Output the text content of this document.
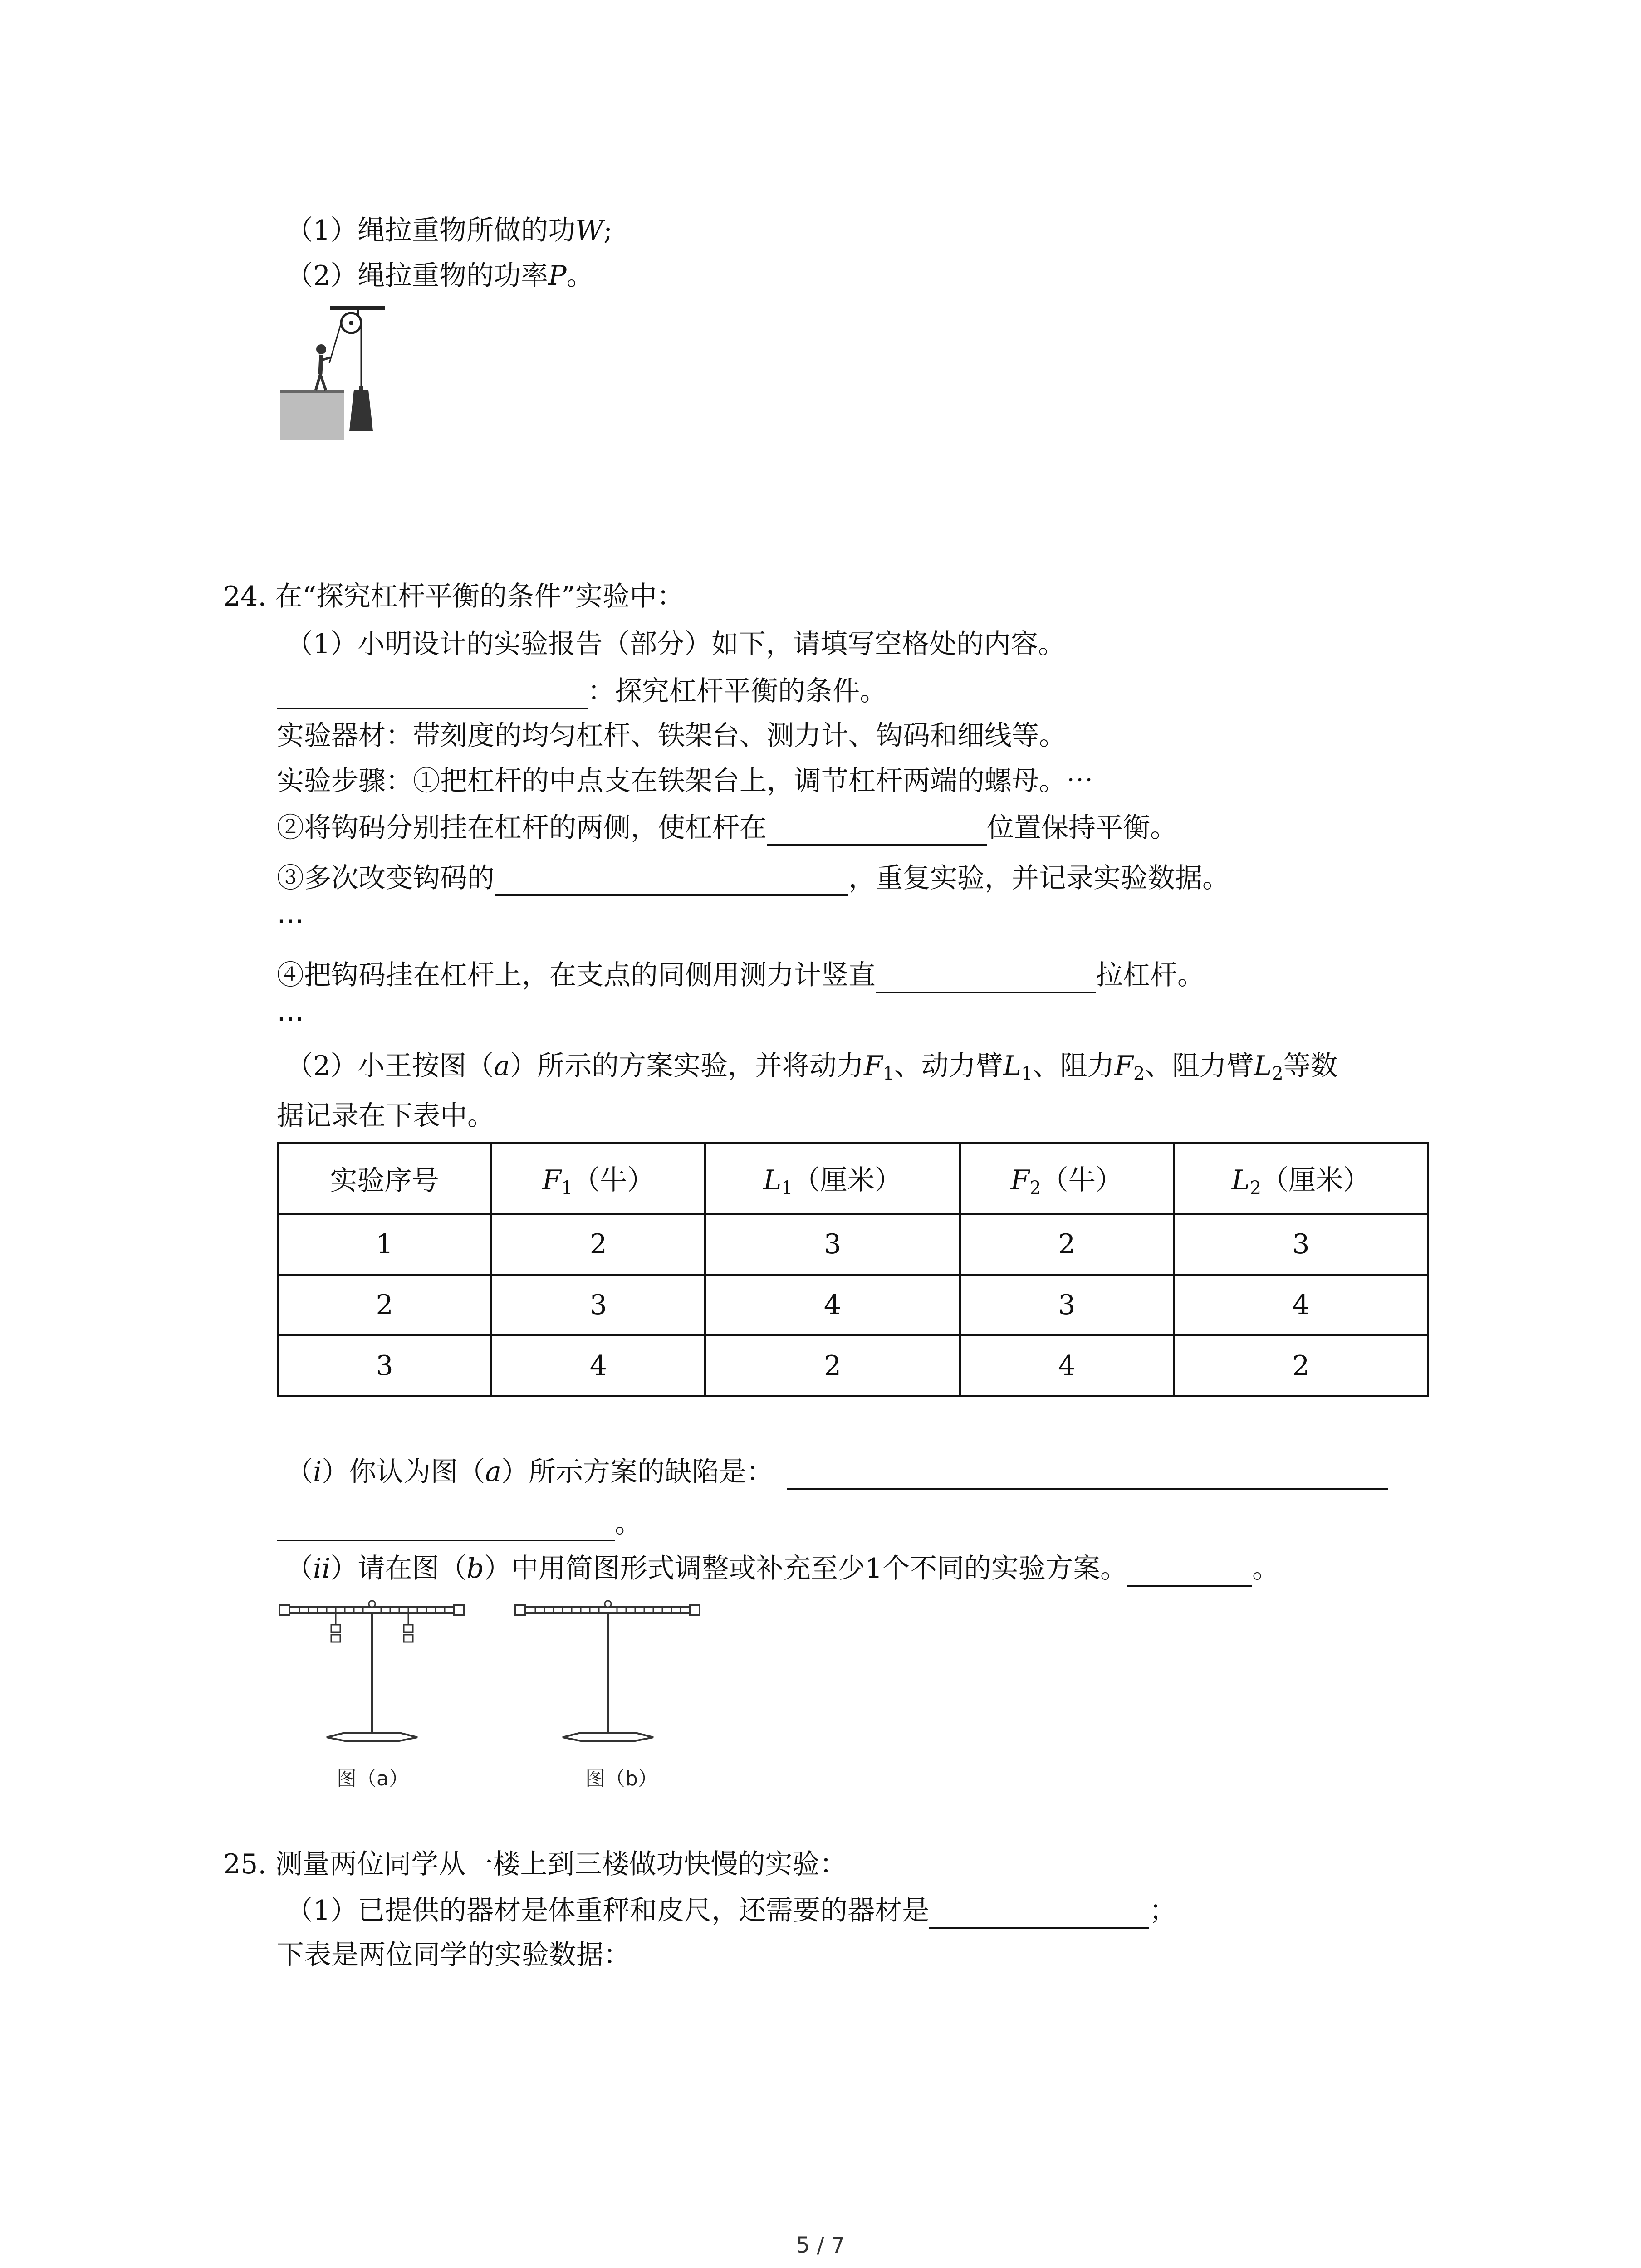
（1）绳拉重物所做的功W;
（2）绳拉重物的功率P。
24. 在“探究杠杆平衡的条件”实验中：
（1）小明设计的实验报告（部分）如下，请填写空格处的内容。
：探究杠杆平衡的条件。
实验器材：带刻度的均匀杠杆、铁架台、测力计、钩码和细线等。
实验步骤：①把杠杆的中点支在铁架台上，调节杠杆两端的螺母。⋯
②将钩码分别挂在杠杆的两侧，使杠杆在	位置保持平衡。
③多次改变钩码的	，重复实验，并记录实验数据。
⋯
④把钩码挂在杠杆上，在支点的同侧用测力计竖直	拉杠杆。
⋯
（2）小王按图（a）所示的方案实验，并将动力$F_1$、动力臂$L_1$、阻力$F_2$、阻力臂$L_2$等数
据记录在下表中。
实验序号	$F_1$（牛）	$L_1$（厘米）	$F_2$（牛）	$L_2$（厘米）
1	2	3	2	3
2	3	4	3	4
3	4	2	4	2
（i）你认为图（a）所示方案的缺陷是：
。
（ii）请在图（b）中用简图形式调整或补充至少1个不同的实验方案。	。
图（a）	图（b）
25. 测量两位同学从一楼上到三楼做功快慢的实验：
（1）已提供的器材是体重秤和皮尺，还需要的器材是	；
下表是两位同学的实验数据：
5 / 7
